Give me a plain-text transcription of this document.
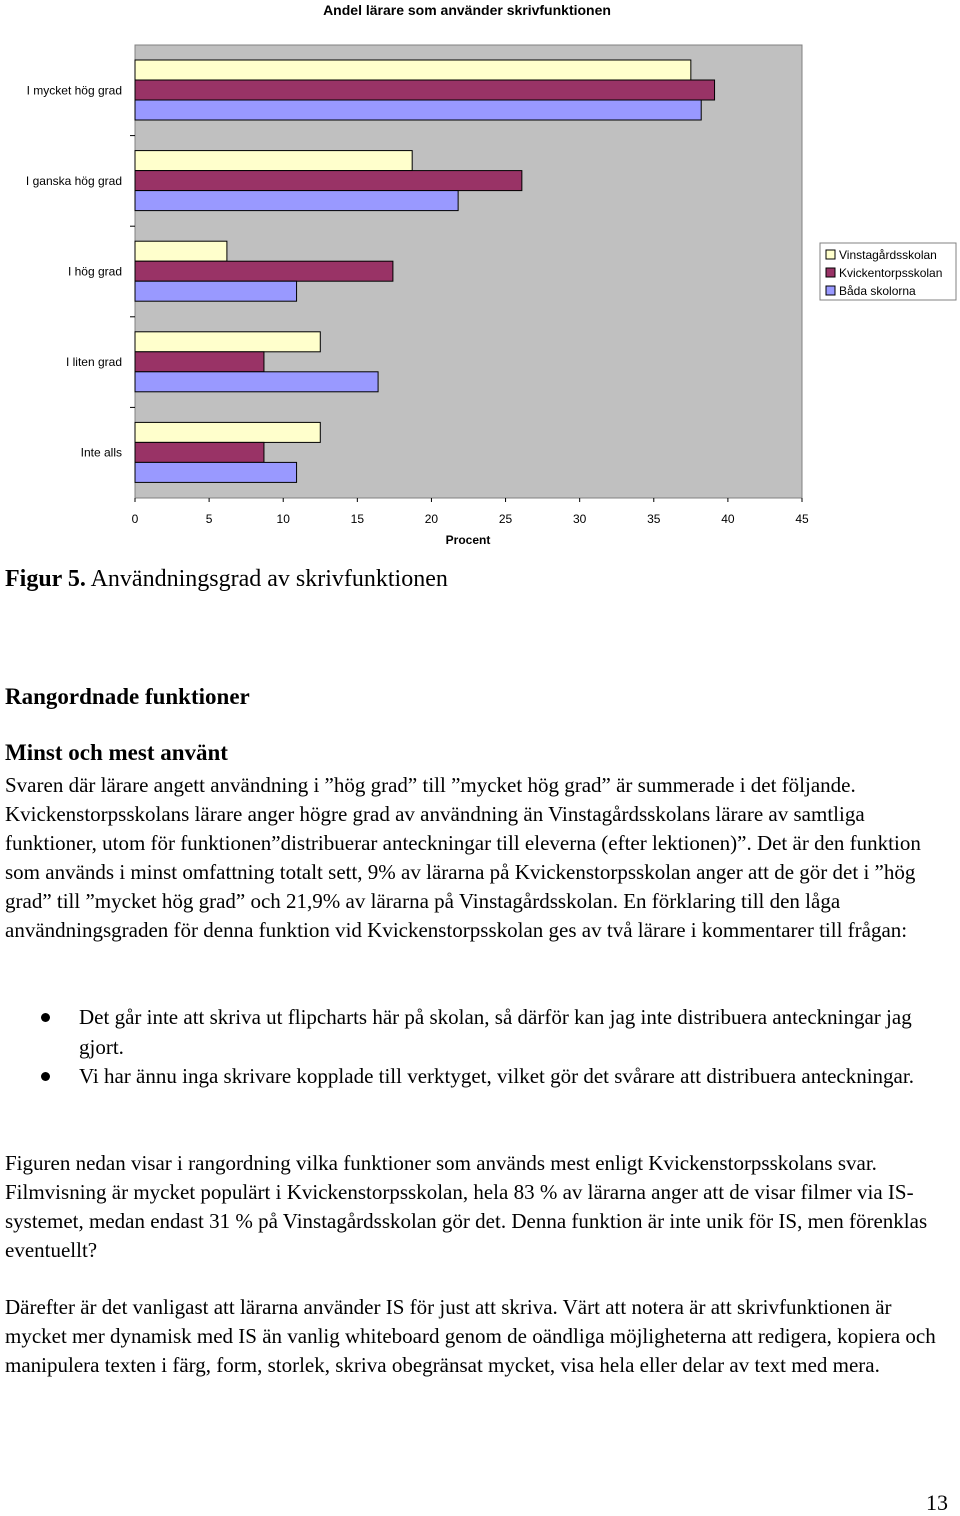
Andel lärare som använder skrivfunktionen
I mycket hög grad
I ganska hög grad
I hög grad
I liten grad
Inte alls
0	5	10	15	20	25	30	35	40	45
Procent
Vinstagårdsskolan
Kvickentorpsskolan
Båda skolorna
Figur 5. Användningsgrad av skrivfunktionen
Rangordnade funktioner
Minst och mest använt

Svaren där lärare angett användning i ”hög grad” till ”mycket hög grad” är summerade i det följande. Kvickenstorpsskolans lärare anger högre grad av användning än Vinstagårdsskolans lärare av samtliga funktioner, utom för funktionen”distribuerar anteckningar till eleverna (efter lektionen)”. Det är den funktion som används i minst omfattning totalt sett, 9% av lärarna på Kvickenstorpsskolan anger att de gör det i ”hög grad” till ”mycket hög grad” och 21,9% av lärarna på Vinstagårdsskolan. En förklaring till den låga användningsgraden för denna funktion vid Kvickenstorpsskolan ges av två lärare i kommentarer till frågan:

Det går inte att skriva ut flipcharts här på skolan, så därför kan jag inte distribuera anteckningar jag gjort.
Vi har ännu inga skrivare kopplade till verktyget, vilket gör det svårare att distribuera anteckningar.

Figuren nedan visar i rangordning vilka funktioner som används mest enligt Kvickenstorpsskolans svar. Filmvisning är mycket populärt i Kvickenstorpsskolan, hela 83 % av lärarna anger att de visar filmer via IS-systemet, medan endast 31 % på Vinstagårdsskolan gör det. Denna funktion är inte unik för IS, men förenklas eventuellt?

Därefter är det vanligast att lärarna använder IS för just att skriva. Värt att notera är att skrivfunktionen är mycket mer dynamisk med IS än vanlig whiteboard genom de oändliga möjligheterna att redigera, kopiera och manipulera texten i färg, form, storlek, skriva obegränsat mycket, visa hela eller delar av text med mera.

13
